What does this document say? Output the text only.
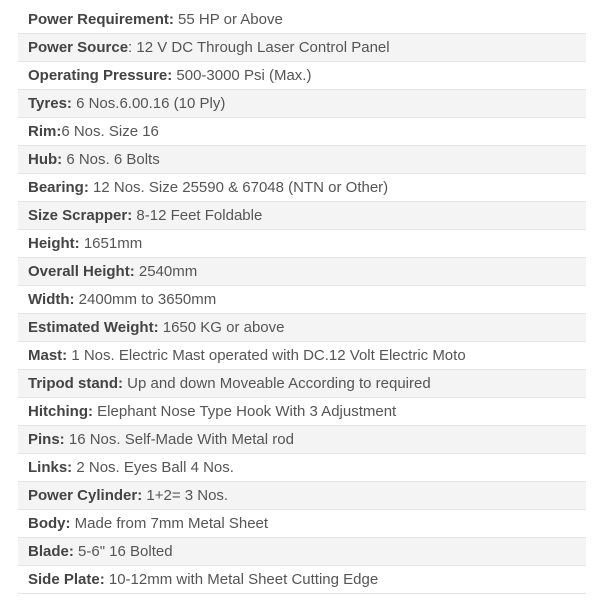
Power Requirement: 55 HP or Above
Power Source: 12 V DC Through Laser Control Panel
Operating Pressure: 500-3000 Psi (Max.)
Tyres: 6 Nos.6.00.16 (10 Ply)
Rim:6 Nos. Size 16
Hub: 6 Nos. 6 Bolts
Bearing: 12 Nos. Size 25590 & 67048 (NTN or Other)
Size Scrapper: 8-12 Feet Foldable
Height: 1651mm
Overall Height: 2540mm
Width: 2400mm to 3650mm
Estimated Weight: 1650 KG or above
Mast: 1 Nos. Electric Mast operated with DC.12 Volt Electric Moto
Tripod stand: Up and down Moveable According to required
Hitching: Elephant Nose Type Hook With 3 Adjustment
Pins: 16 Nos. Self-Made With Metal rod
Links: 2 Nos. Eyes Ball 4 Nos.
Power Cylinder: 1+2= 3 Nos.
Body: Made from 7mm Metal Sheet
Blade: 5-6" 16 Bolted
Side Plate: 10-12mm with Metal Sheet Cutting Edge
